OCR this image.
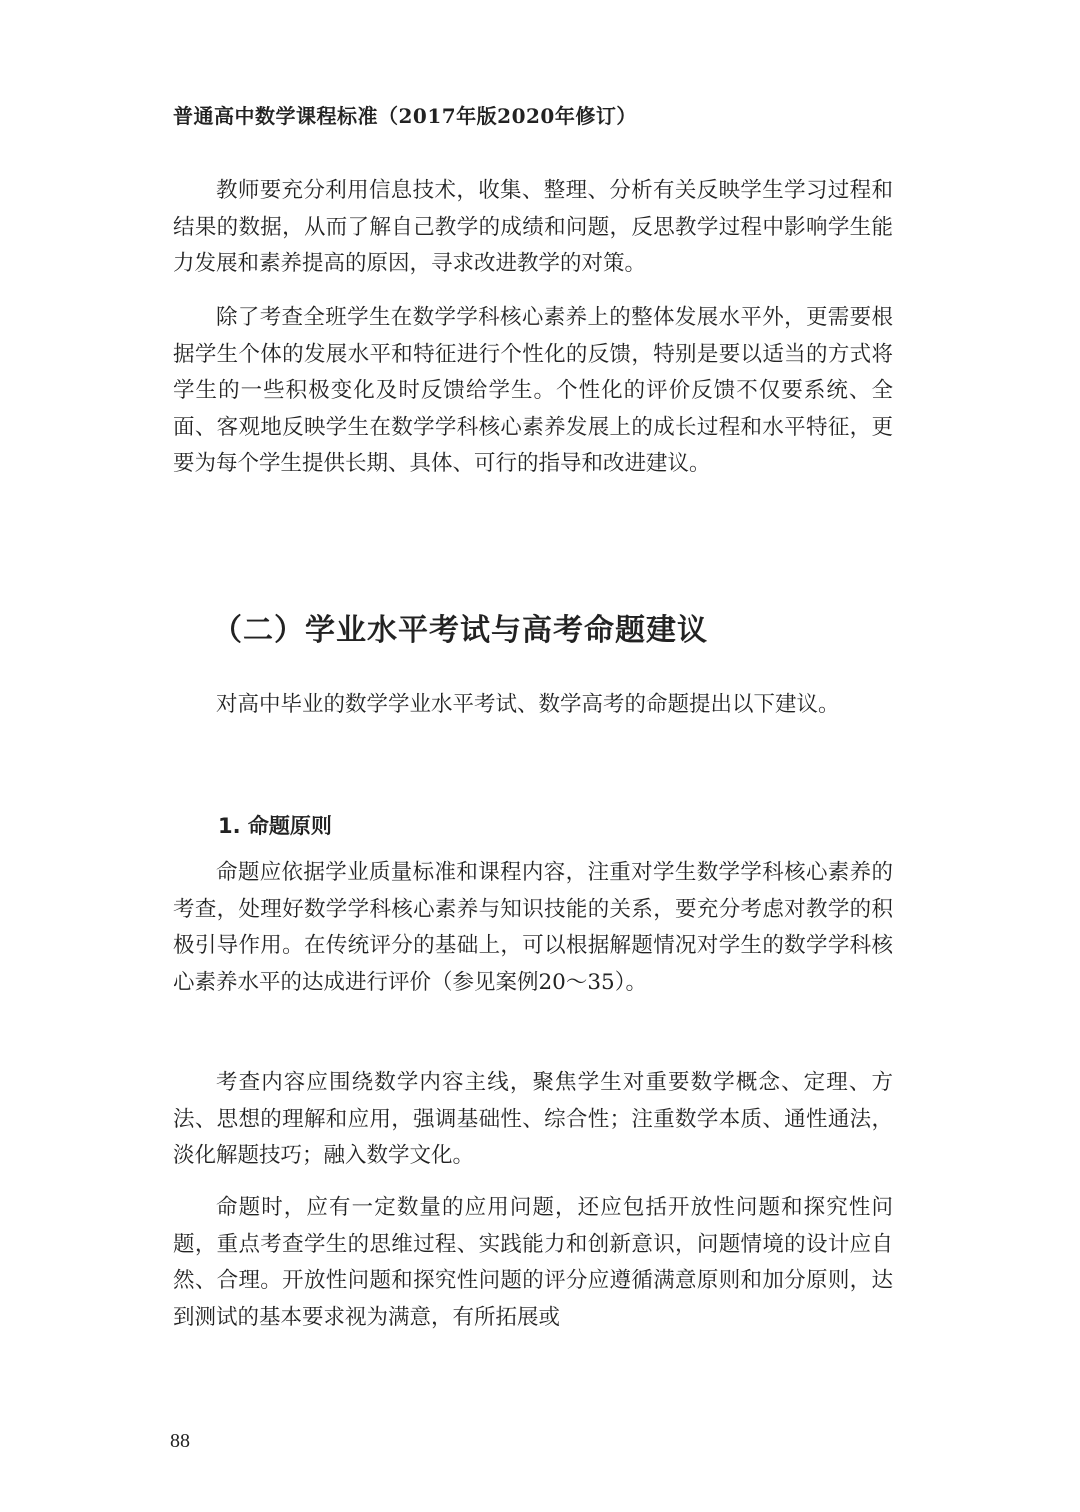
普通高中数学课程标准（2017年版2020年修订）

教师要充分利用信息技术，收集、整理、分析有关反映学生学习过程和结果的数据，从而了解自己教学的成绩和问题，反思教学过程中影响学生能力发展和素养提高的原因，寻求改进教学的对策。

除了考查全班学生在数学学科核心素养上的整体发展水平外，更需要根据学生个体的发展水平和特征进行个性化的反馈，特别是要以适当的方式将学生的一些积极变化及时反馈给学生。个性化的评价反馈不仅要系统、全面、客观地反映学生在数学学科核心素养发展上的成长过程和水平特征，更要为每个学生提供长期、具体、可行的指导和改进建议。

（二）学业水平考试与高考命题建议

对高中毕业的数学学业水平考试、数学高考的命题提出以下建议。

1. 命题原则

命题应依据学业质量标准和课程内容，注重对学生数学学科核心素养的考查，处理好数学学科核心素养与知识技能的关系，要充分考虑对教学的积极引导作用。在传统评分的基础上，可以根据解题情况对学生的数学学科核心素养水平的达成进行评价（参见案例20～35）。

考查内容应围绕数学内容主线，聚焦学生对重要数学概念、定理、方法、思想的理解和应用，强调基础性、综合性；注重数学本质、通性通法，淡化解题技巧；融入数学文化。

命题时，应有一定数量的应用问题，还应包括开放性问题和探究性问题，重点考查学生的思维过程、实践能力和创新意识，问题情境的设计应自然、合理。开放性问题和探究性问题的评分应遵循满意原则和加分原则，达到测试的基本要求视为满意，有所拓展或

88
